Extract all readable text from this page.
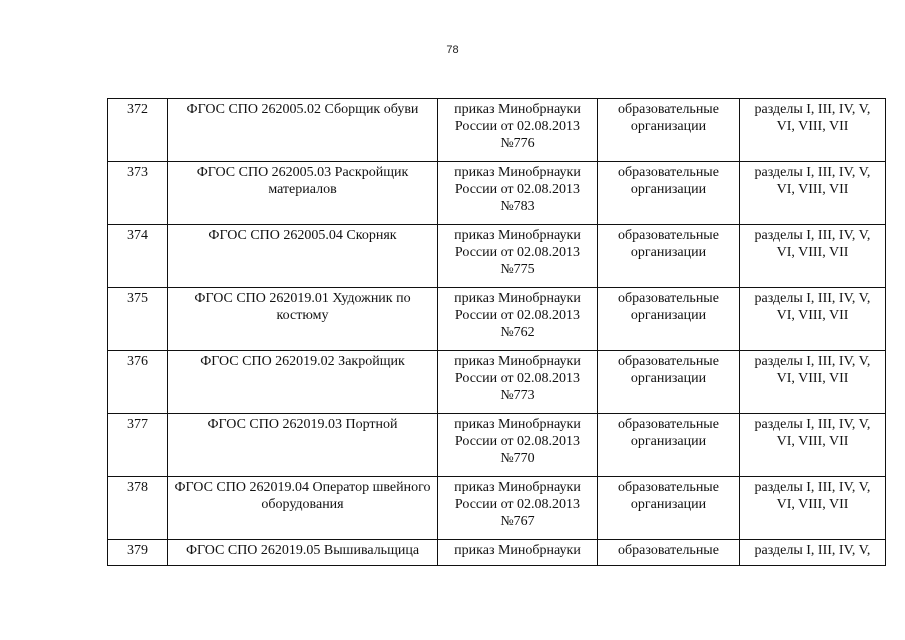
78
372	ФГОС СПО 262005.02 Сборщик обуви	приказ Минобрнауки России от 02.08.2013 №776	образовательные организации	разделы I, III, IV, V, VI, VIII, VII
373	ФГОС СПО 262005.03 Раскройщик материалов	приказ Минобрнауки России от 02.08.2013 №783	образовательные организации	разделы I, III, IV, V, VI, VIII, VII
374	ФГОС СПО 262005.04 Скорняк	приказ Минобрнауки России от 02.08.2013 №775	образовательные организации	разделы I, III, IV, V, VI, VIII, VII
375	ФГОС СПО 262019.01 Художник по костюму	приказ Минобрнауки России от 02.08.2013 №762	образовательные организации	разделы I, III, IV, V, VI, VIII, VII
376	ФГОС СПО 262019.02 Закройщик	приказ Минобрнауки России от 02.08.2013 №773	образовательные организации	разделы I, III, IV, V, VI, VIII, VII
377	ФГОС СПО 262019.03 Портной	приказ Минобрнауки России от 02.08.2013 №770	образовательные организации	разделы I, III, IV, V, VI, VIII, VII
378	ФГОС СПО 262019.04 Оператор швейного оборудования	приказ Минобрнауки России от 02.08.2013 №767	образовательные организации	разделы I, III, IV, V, VI, VIII, VII
379	ФГОС СПО 262019.05 Вышивальщица	приказ Минобрнауки	образовательные	разделы I, III, IV, V,
